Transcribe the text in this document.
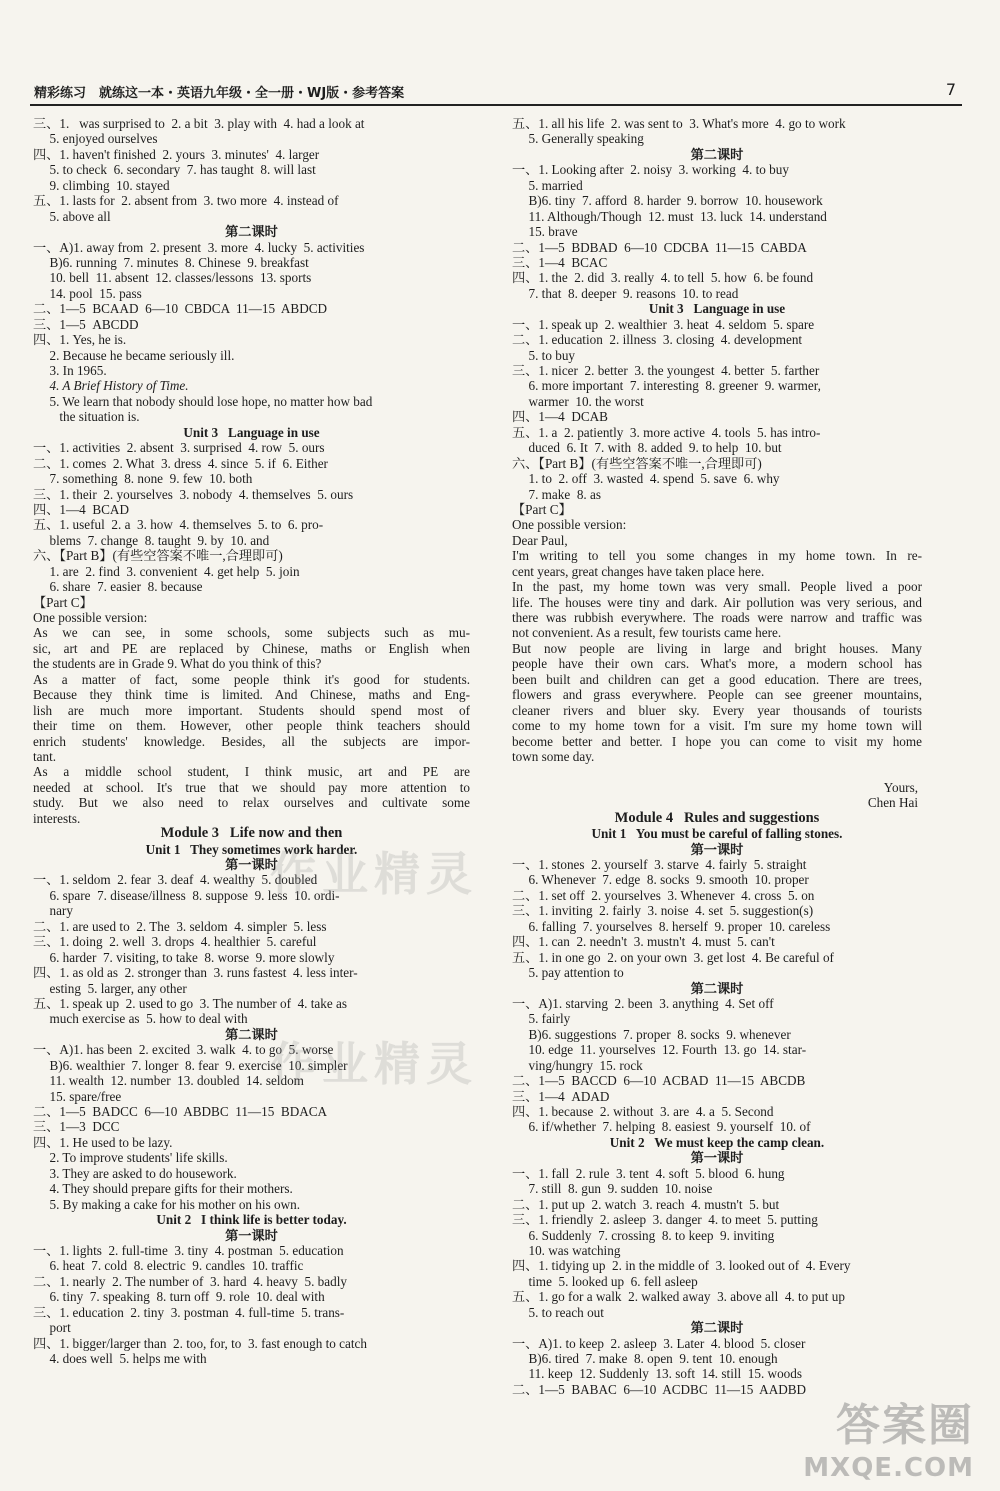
精彩练习　就练这一本・英语九年级・全一册・WJ版・参考答案	7
三、1.   was surprised to  2. a bit  3. play with  4. had a look at
5. enjoyed ourselves
四、1. haven't finished  2. yours  3. minutes'  4. larger
5. to check  6. secondary  7. has taught  8. will last
9. climbing  10. stayed
五、1. lasts for  2. absent from  3. two more  4. instead of
5. above all
第二课时
一、A)1. away from  2. present  3. more  4. lucky  5. activities
B)6. running  7. minutes  8. Chinese  9. breakfast
10. bell  11. absent  12. classes/lessons  13. sports
14. pool  15. pass
二、1—5  BCAAD  6—10  CBDCA  11—15  ABDCD
三、1—5  ABCDD
四、1. Yes, he is.
2. Because he became seriously ill.
3. In 1965.
4. A Brief History of Time.
5. We learn that nobody should lose hope, no matter how bad
the situation is.
Unit 3   Language in use
一、1. activities  2. absent  3. surprised  4. row  5. ours
二、1. comes  2. What  3. dress  4. since  5. if  6. Either
7. something  8. none  9. few  10. both
三、1. their  2. yourselves  3. nobody  4. themselves  5. ours
四、1—4  BCAD
五、1. useful  2. a  3. how  4. themselves  5. to  6. pro-
blems  7. change  8. taught  9. by  10. and
六、【Part B】(有些空答案不唯一,合理即可)
1. are  2. find  3. convenient  4. get help  5. join
6. share  7. easier  8. because
【Part C】
One possible version:
As we can see, in some schools, some subjects such as mu-
sic, art and PE are replaced by Chinese, maths or English when
the students are in Grade 9. What do you think of this?
As a matter of fact, some people think it's good for students.
Because they think time is limited. And Chinese, maths and Eng-
lish are much more important. Students should spend most of
their time on them. However, other people think teachers should
enrich students' knowledge. Besides, all the subjects are impor-
tant.
As a middle school student, I think music, art and PE are
needed at school. It's true that we should pay more attention to
study. But we also need to relax ourselves and cultivate some
interests.
Module 3   Life now and then
Unit 1   They sometimes work harder.
第一课时
一、1. seldom  2. fear  3. deaf  4. wealthy  5. doubled
6. spare  7. disease/illness  8. suppose  9. less  10. ordi-
nary
二、1. are used to  2. The  3. seldom  4. simpler  5. less
三、1. doing  2. well  3. drops  4. healthier  5. careful
6. harder  7. visiting, to take  8. worse  9. more slowly
四、1. as old as  2. stronger than  3. runs fastest  4. less inter-
esting  5. larger, any other
五、1. speak up  2. used to go  3. The number of  4. take as
much exercise as  5. how to deal with
第二课时
一、A)1. has been  2. excited  3. walk  4. to go  5. worse
B)6. wealthier  7. longer  8. fear  9. exercise  10. simpler
11. wealth  12. number  13. doubled  14. seldom
15. spare/free
二、1—5  BADCC  6—10  ABDBC  11—15  BDACA
三、1—3  DCC
四、1. He used to be lazy.
2. To improve students' life skills.
3. They are asked to do housework.
4. They should prepare gifts for their mothers.
5. By making a cake for his mother on his own.
Unit 2   I think life is better today.
第一课时
一、1. lights  2. full-time  3. tiny  4. postman  5. education
6. heat  7. cold  8. electric  9. candles  10. traffic
二、1. nearly  2. The number of  3. hard  4. heavy  5. badly
6. tiny  7. speaking  8. turn off  9. role  10. deal with
三、1. education  2. tiny  3. postman  4. full-time  5. trans-
port
四、1. bigger/larger than  2. too, for, to  3. fast enough to catch
4. does well  5. helps me with
五、1. all his life  2. was sent to  3. What's more  4. go to work
5. Generally speaking
第二课时
一、1. Looking after  2. noisy  3. working  4. to buy
5. married
B)6. tiny  7. afford  8. harder  9. borrow  10. housework
11. Although/Though  12. must  13. luck  14. understand
15. brave
二、1—5  BDBAD  6—10  CDCBA  11—15  CABDA
三、1—4  BCAC
四、1. the  2. did  3. really  4. to tell  5. how  6. be found
7. that  8. deeper  9. reasons  10. to read
Unit 3   Language in use
一、1. speak up  2. wealthier  3. heat  4. seldom  5. spare
二、1. education  2. illness  3. closing  4. development
5. to buy
三、1. nicer  2. better  3. the youngest  4. better  5. farther
6. more important  7. interesting  8. greener  9. warmer,
warmer  10. the worst
四、1—4  DCAB
五、1. a  2. patiently  3. more active  4. tools  5. has intro-
duced  6. It  7. with  8. added  9. to help  10. but
六、【Part B】(有些空答案不唯一,合理即可)
1. to  2. off  3. wasted  4. spend  5. save  6. why
7. make  8. as
【Part C】
One possible version:
Dear Paul,
I'm writing to tell you some changes in my home town. In re-
cent years, great changes have taken place here.
In the past, my home town was very small. People lived a poor
life. The houses were tiny and dark. Air pollution was very serious, and
there was rubbish everywhere. The roads were narrow and traffic was
not convenient. As a result, few tourists came here.
But now people are living in large and bright houses. Many
people have their own cars. What's more, a modern school has
been built and children can get a good education. There are trees,
flowers and grass everywhere. People can see greener mountains,
cleaner rivers and bluer sky. Every year thousands of tourists
come to my home town for a visit. I'm sure my home town will
become better and better. I hope you can come to visit my home
town some day.
Yours,
Chen Hai
Module 4   Rules and suggestions
Unit 1   You must be careful of falling stones.
第一课时
一、1. stones  2. yourself  3. starve  4. fairly  5. straight
6. Whenever  7. edge  8. socks  9. smooth  10. proper
二、1. set off  2. yourselves  3. Whenever  4. cross  5. on
三、1. inviting  2. fairly  3. noise  4. set  5. suggestion(s)
6. falling  7. yourselves  8. herself  9. proper  10. careless
四、1. can  2. needn't  3. mustn't  4. must  5. can't
五、1. in one go  2. on your own  3. get lost  4. Be careful of
5. pay attention to
第二课时
一、A)1. starving  2. been  3. anything  4. Set off
5. fairly
B)6. suggestions  7. proper  8. socks  9. whenever
10. edge  11. yourselves  12. Fourth  13. go  14. star-
ving/hungry  15. rock
二、1—5  BACCD  6—10  ACBAD  11—15  ABCDB
三、1—4  ADAD
四、1. because  2. without  3. are  4. a  5. Second
6. if/whether  7. helping  8. easiest  9. yourself  10. of
Unit 2   We must keep the camp clean.
第一课时
一、1. fall  2. rule  3. tent  4. soft  5. blood  6. hung
7. still  8. gun  9. sudden  10. noise
二、1. put up  2. watch  3. reach  4. mustn't  5. but
三、1. friendly  2. asleep  3. danger  4. to meet  5. putting
6. Suddenly  7. crossing  8. to keep  9. inviting
10. was watching
四、1. tidying up  2. in the middle of  3. looked out of  4. Every
time  5. looked up  6. fell asleep
五、1. go for a walk  2. walked away  3. above all  4. to put up
5. to reach out
第二课时
一、A)1. to keep  2. asleep  3. Later  4. blood  5. closer
B)6. tired  7. make  8. open  9. tent  10. enough
11. keep  12. Suddenly  13. soft  14. still  15. woods
二、1—5  BABAC  6—10  ACDBC  11—15  AADBD
作业精灵
作业精灵
答案圈
MXQE.COM
